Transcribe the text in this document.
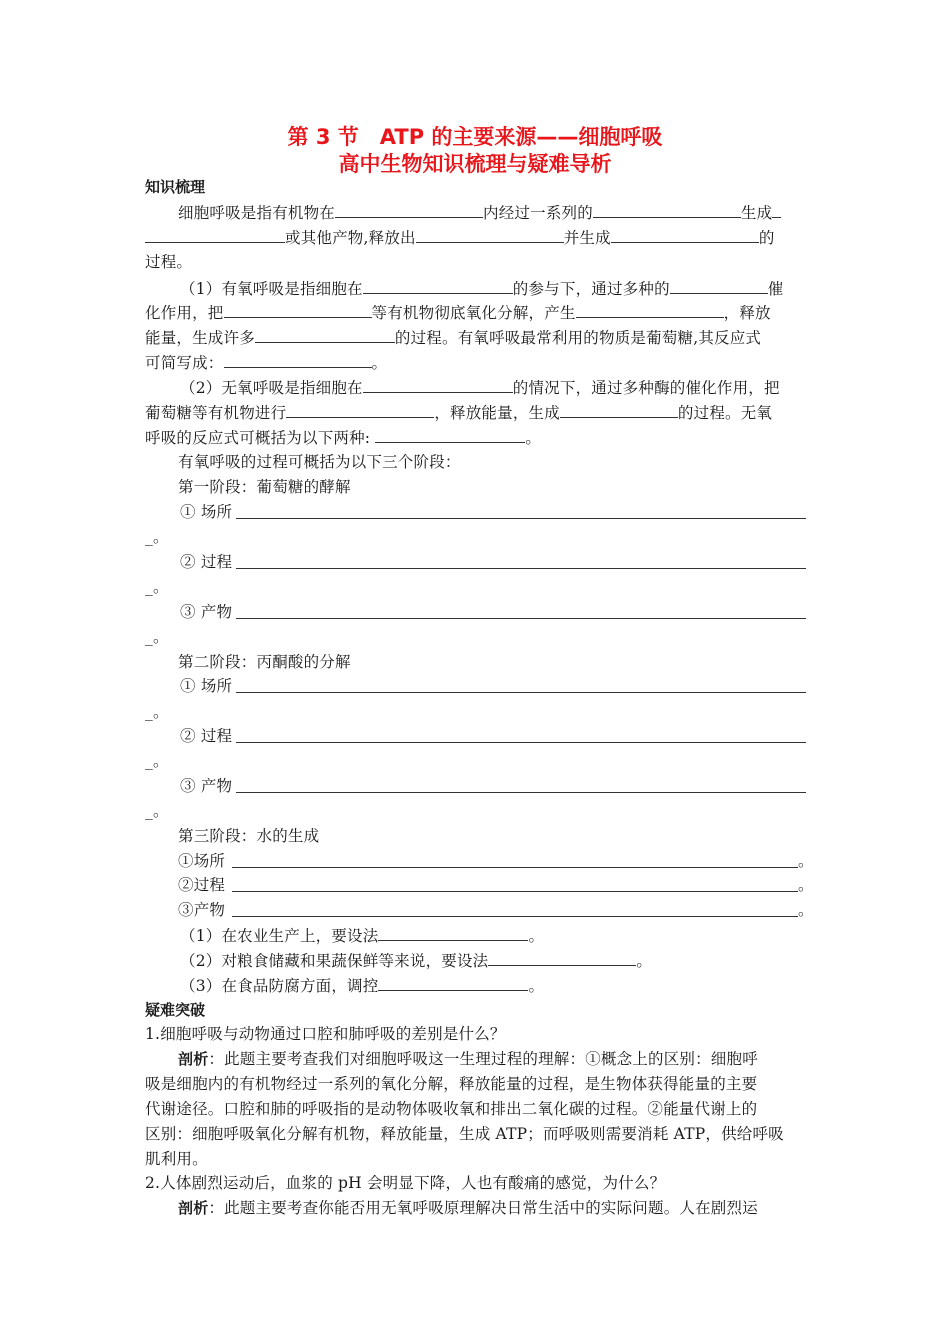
第 3 节　ATP 的主要来源——细胞呼吸
高中生物知识梳理与疑难导析
知识梳理
细胞呼吸是指有机物在	内经过一系列的	生成
或其他产物,释放出	并生成	的
过程。
（1）有氧呼吸是指细胞在	的参与下，通过多种的	催
化作用，把	等有机物彻底氧化分解，产生	，释放
能量，生成许多	的过程。有氧呼吸最常利用的物质是葡萄糖,其反应式
可简写成：	。
（2）无氧呼吸是指细胞在	的情况下，通过多种酶的催化作用，把
葡萄糖等有机物进行	，释放能量，生成	的过程。无氧
呼吸的反应式可概括为以下两种:	。
有氧呼吸的过程可概括为以下三个阶段：
第一阶段：葡萄糖的酵解
① 场所
_。
② 过程
_。
③ 产物
_。
第二阶段：丙酮酸的分解
① 场所
_。
② 过程
_。
③ 产物
_。
第三阶段：水的生成
①场所	。
②过程	。
③产物	。
（1）在农业生产上，要设法	。
（2）对粮食储藏和果蔬保鲜等来说，要设法	。
（3）在食品防腐方面，调控	。
疑难突破
1.细胞呼吸与动物通过口腔和肺呼吸的差别是什么？
剖析：此题主要考查我们对细胞呼吸这一生理过程的理解：①概念上的区别：细胞呼
吸是细胞内的有机物经过一系列的氧化分解，释放能量的过程，是生物体获得能量的主要
代谢途径。口腔和肺的呼吸指的是动物体吸收氧和排出二氧化碳的过程。②能量代谢上的
区别：细胞呼吸氧化分解有机物，释放能量，生成 ATP；而呼吸则需要消耗 ATP，供给呼吸
肌利用。
2.人体剧烈运动后，血浆的 pH 会明显下降，人也有酸痛的感觉，为什么？
剖析：此题主要考查你能否用无氧呼吸原理解决日常生活中的实际问题。人在剧烈运
